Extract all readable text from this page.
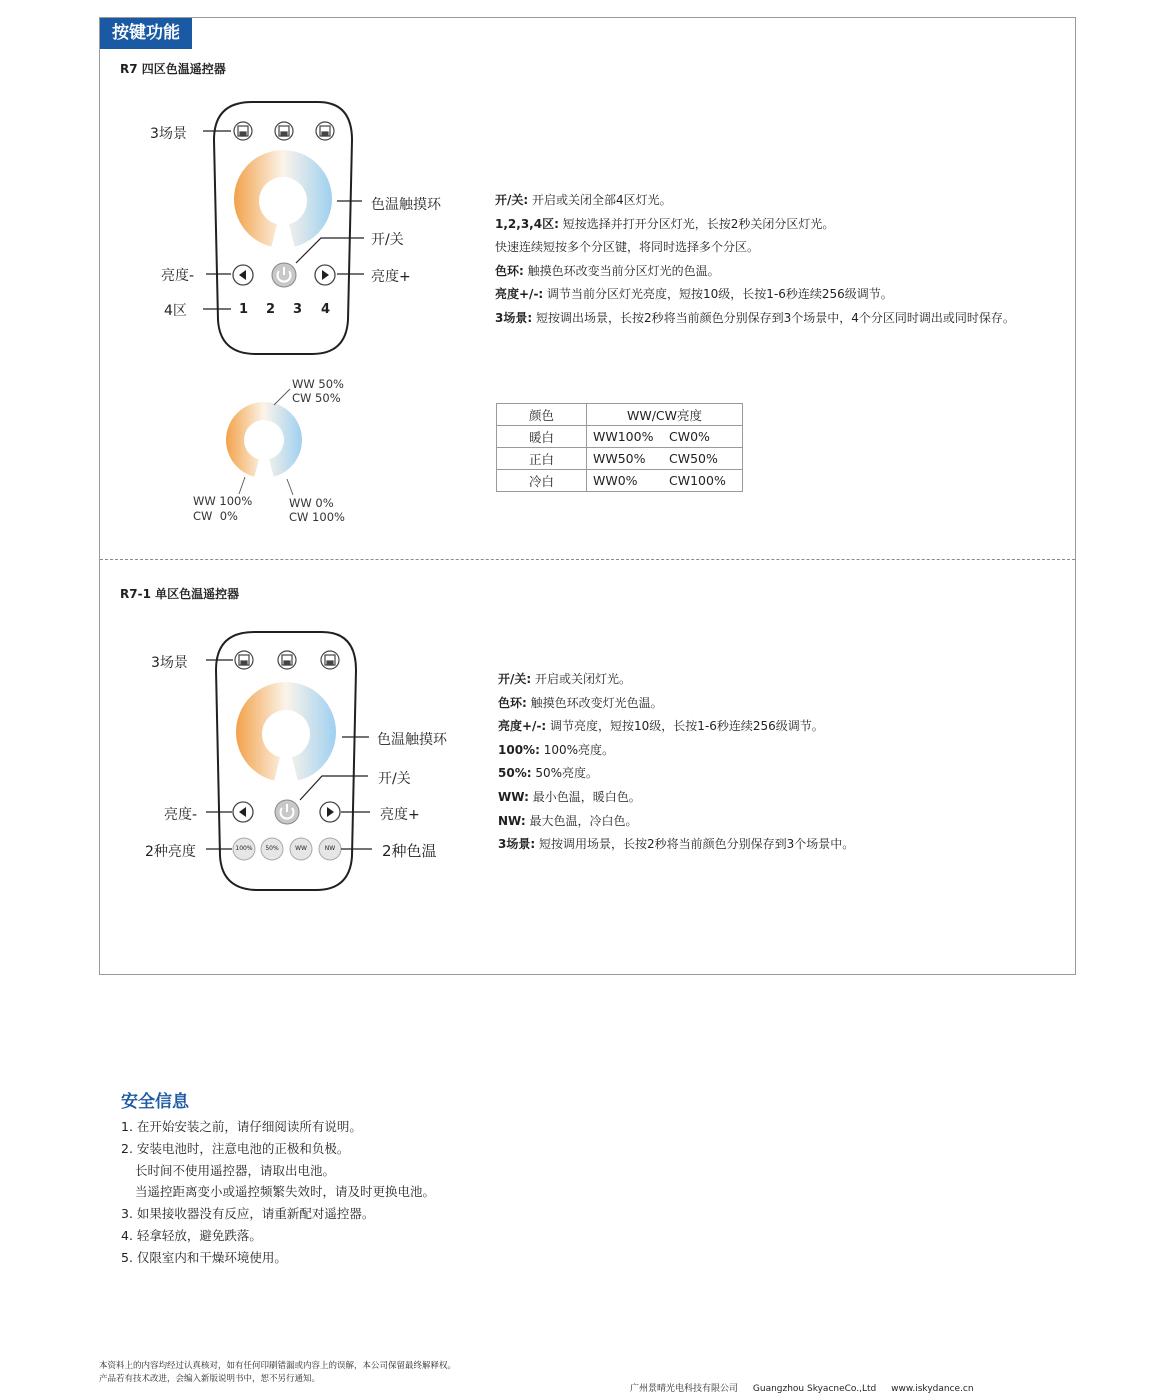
按键功能
R7 四区色温遥控器
3场景
色温触摸环
开/关
亮度-	亮度+
4区	1 2 3 4
WW 50%
CW 50%
WW 100%
CW  0%
WW 0%
CW 100%
开/关: 开启或关闭全部4区灯光。
1,2,3,4区: 短按选择并打开分区灯光，长按2秒关闭分区灯光。
快速连续短按多个分区键，将同时选择多个分区。
色环: 触摸色环改变当前分区灯光的色温。
亮度+/-: 调节当前分区灯光亮度，短按10级，长按1-6秒连续256级调节。
3场景: 短按调出场景，长按2秒将当前颜色分别保存到3个场景中，4个分区同时调出或同时保存。
颜色	WW/CW亮度
暖白	WW100% CW0%
正白	WW50% CW50%
冷白	WW0% CW100%
R7-1 单区色温遥控器
3场景
色温触摸环
开/关
亮度-	亮度+
2种亮度	2种色温
100%	50%	WW	NW
开/关: 开启或关闭灯光。
色环: 触摸色环改变灯光色温。
亮度+/-: 调节亮度，短按10级，长按1-6秒连续256级调节。
100%: 100%亮度。
50%: 50%亮度。
WW: 最小色温，暖白色。
NW: 最大色温，冷白色。
3场景: 短按调用场景，长按2秒将当前颜色分别保存到3个场景中。
安全信息
1. 在开始安装之前，请仔细阅读所有说明。
2. 安装电池时，注意电池的正极和负极。
长时间不使用遥控器，请取出电池。
当遥控距离变小或遥控频繁失效时，请及时更换电池。
3. 如果接收器没有反应，请重新配对遥控器。
4. 轻拿轻放，避免跌落。
5. 仅限室内和干燥环境使用。
本资料上的内容均经过认真核对，如有任何印刷错漏或内容上的误解，本公司保留最终解释权。
产品若有技术改进，会编入新版说明书中，恕不另行通知。
广州景晴光电科技有限公司 Guangzhou SkyacneCo.,Ltd www.iskydance.cn
